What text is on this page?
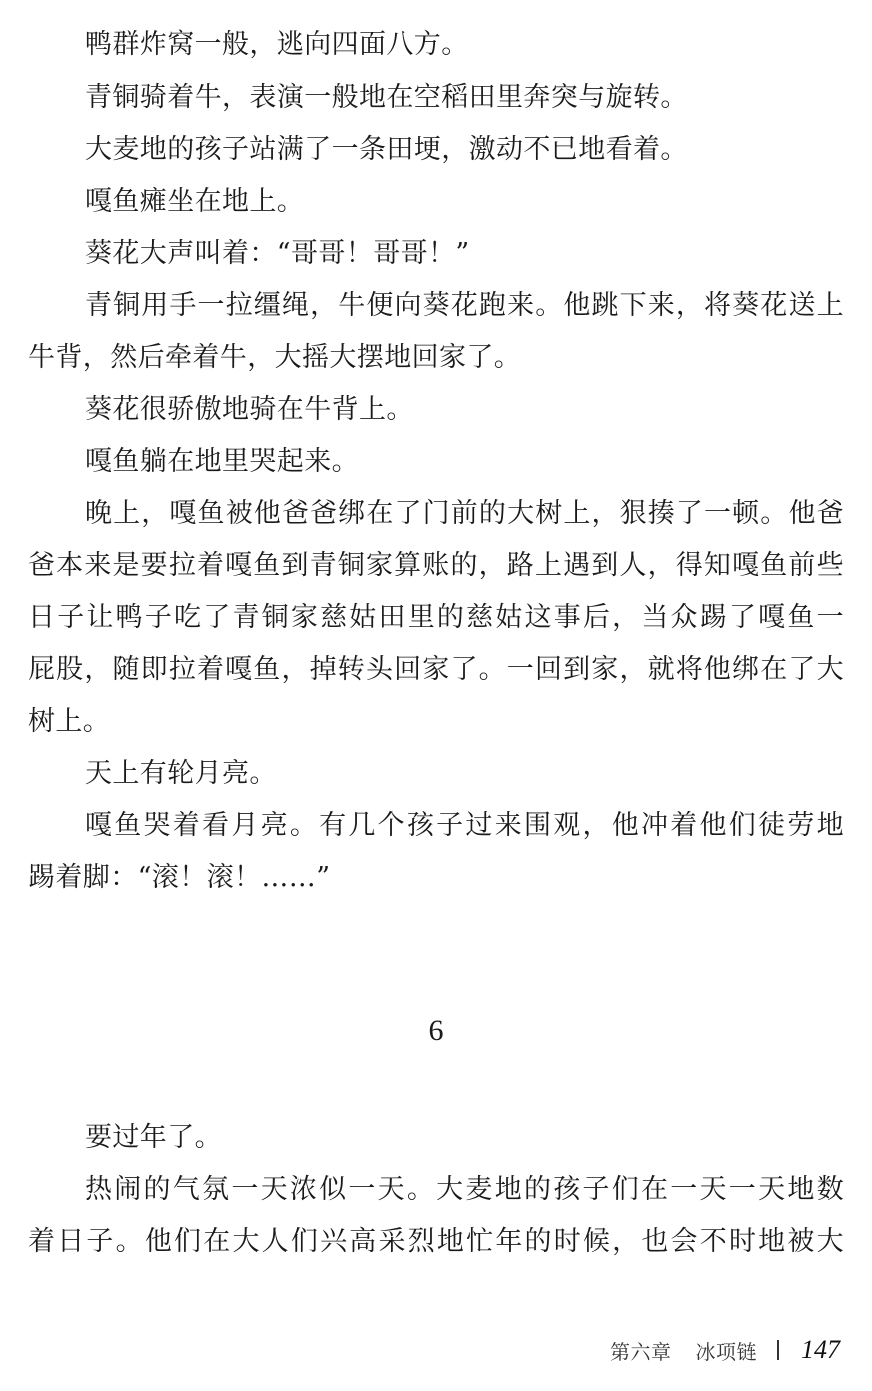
鸭群炸窝一般，逃向四面八方。
青铜骑着牛，表演一般地在空稻田里奔突与旋转。
大麦地的孩子站满了一条田埂，激动不已地看着。
嘎鱼瘫坐在地上。
葵花大声叫着：“哥哥！哥哥！”
青铜用手一拉缰绳，牛便向葵花跑来。他跳下来，将葵花送上
牛背，然后牵着牛，大摇大摆地回家了。
葵花很骄傲地骑在牛背上。
嘎鱼躺在地里哭起来。
晚上，嘎鱼被他爸爸绑在了门前的大树上，狠揍了一顿。他爸
爸本来是要拉着嘎鱼到青铜家算账的，路上遇到人，得知嘎鱼前些
日子让鸭子吃了青铜家慈姑田里的慈姑这事后，当众踢了嘎鱼一
屁股，随即拉着嘎鱼，掉转头回家了。一回到家，就将他绑在了大
树上。
天上有轮月亮。
嘎鱼哭着看月亮。有几个孩子过来围观，他冲着他们徒劳地
踢着脚：“滚！滚！……”
6
要过年了。
热闹的气氛一天浓似一天。大麦地的孩子们在一天一天地数
着日子。他们在大人们兴高采烈地忙年的时候，也会不时地被大
第六章 冰项链 147
